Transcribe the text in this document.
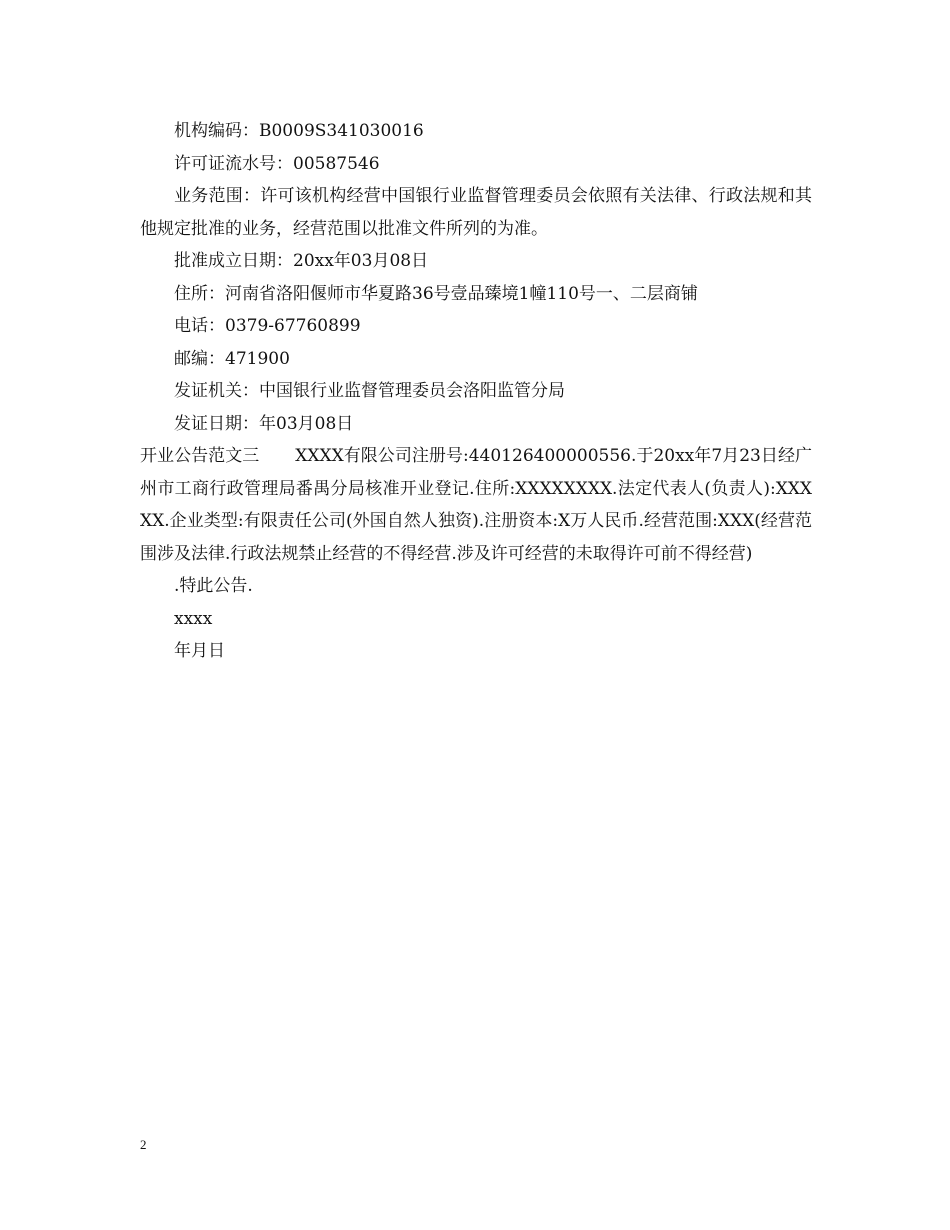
机构编码：B0009S341030016

许可证流水号：00587546

业务范围：许可该机构经营中国银行业监督管理委员会依照有关法律、行政法规和其他规定批准的业务，经营范围以批准文件所列的为准。

批准成立日期：20xx年03月08日

住所：河南省洛阳偃师市华夏路36号壹品臻境1幢110号一、二层商铺

电话：0379-67760899

邮编：471900

发证机关：中国银行业监督管理委员会洛阳监管分局

发证日期：年03月08日

开业公告范文三 XXXX有限公司注册号:440126400000556.于20xx年7月23日经广州市工商行政管理局番禺分局核准开业登记.住所:XXXXXXXX.法定代表人(负责人):XXXXX.企业类型:有限责任公司(外国自然人独资).注册资本:X万人民币.经营范围:XXX(经营范围涉及法律.行政法规禁止经营的不得经营.涉及许可经营的未取得许可前不得经营)

.特此公告.

xxxx

年月日

2
